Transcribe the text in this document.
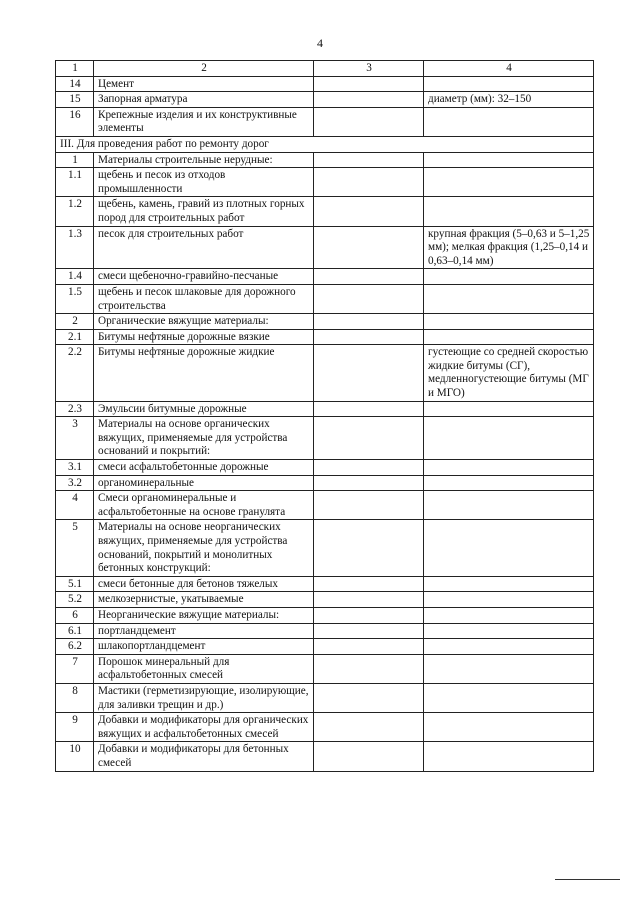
4
1	2	3	4
14	Цемент		
15	Запорная арматура		диаметр (мм): 32–150
16	Крепежные изделия и их конструктивные элементы		
III. Для проведения работ по ремонту дорог			
1	Материалы строительные нерудные:		
1.1	щебень и песок из отходов промышленности		
1.2	щебень, камень, гравий из плотных горных пород для строительных работ		
1.3	песок для строительных работ		крупная фракция (5–0,63 и 5–1,25 мм); мелкая фракция (1,25–0,14 и 0,63–0,14 мм)
1.4	смеси щебеночно-гравийно-песчаные		
1.5	щебень и песок шлаковые для дорожного строительства		
2	Органические вяжущие материалы:		
2.1	Битумы нефтяные дорожные вязкие		
2.2	Битумы нефтяные дорожные жидкие		густеющие со средней скоростью жидкие битумы (СГ), медленногустеющие битумы (МГ и МГО)
2.3	Эмульсии битумные дорожные		
3	Материалы на основе органических вяжущих, применяемые для устройства оснований и покрытий:		
3.1	смеси асфальтобетонные дорожные		
3.2	органоминеральные		
4	Смеси органоминеральные и асфальтобетонные на основе гранулята		
5	Материалы на основе неорганических вяжущих, применяемые для устройства оснований, покрытий и монолитных бетонных конструкций:		
5.1	смеси бетонные для бетонов тяжелых		
5.2	мелкозернистые, укатываемые		
6	Неорганические вяжущие материалы:		
6.1	портландцемент		
6.2	шлакопортландцемент		
7	Порошок минеральный для асфальтобетонных смесей		
8	Мастики (герметизирующие, изолирующие, для заливки трещин и др.)		
9	Добавки и модификаторы для органических вяжущих и асфальтобетонных смесей		
10	Добавки и модификаторы для бетонных смесей		
